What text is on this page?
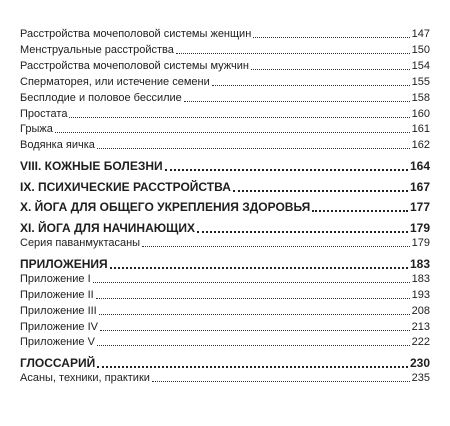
Расстройства мочеполовой системы женщин	147
Менструальные расстройства	150
Расстройства мочеполовой системы мужчин	154
Сперматорея, или истечение семени	155
Бесплодие и половое бессилие	158
Простата	160
Грыжа	161
Водянка яичка	162
VIII. КОЖНЫЕ БОЛЕЗНИ	164
IX. ПСИХИЧЕСКИЕ РАССТРОЙСТВА	167
X. ЙОГА ДЛЯ ОБЩЕГО УКРЕПЛЕНИЯ ЗДОРОВЬЯ	177
XI. ЙОГА ДЛЯ НАЧИНАЮЩИХ	179
Серия паванмуктасаны	179
ПРИЛОЖЕНИЯ	183
Приложение I	183
Приложение II	193
Приложение III	208
Приложение IV	213
Приложение V	222
ГЛОССАРИЙ	230
Асаны, техники, практики	235
